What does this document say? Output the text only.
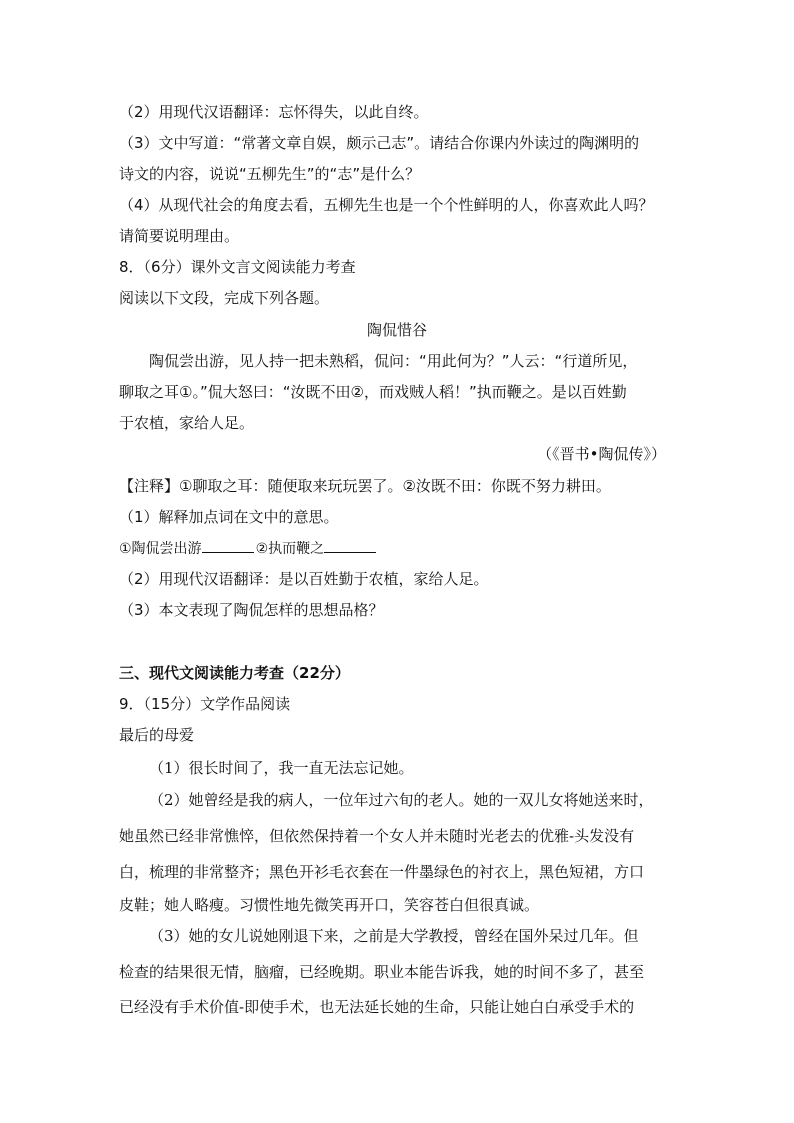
（2）用现代汉语翻译：忘怀得失，以此自终。
（3）文中写道：“常著文章自娱，颇示己志”。请结合你课内外读过的陶渊明的
诗文的内容，说说“五柳先生”的“志”是什么？
（4）从现代社会的角度去看，五柳先生也是一个个性鲜明的人，你喜欢此人吗？
请简要说明理由。
8．（6分）课外文言文阅读能力考查
阅读以下文段，完成下列各题。
陶侃惜谷
陶侃尝出游，见人持一把未熟稻，侃问：“用此何为？”人云：“行道所见，
聊取之耳①。”侃大怒曰：“汝既不田②，而戏贼人稻！”执而鞭之。是以百姓勤
于农植，家给人足。
（《晋书•陶侃传》）
【注释】①聊取之耳：随便取来玩玩罢了。②汝既不田：你既不努力耕田。
（1）解释加点词在文中的意思。
①陶侃尝出游	②执而鞭之
（2）用现代汉语翻译：是以百姓勤于农植，家给人足。
（3）本文表现了陶侃怎样的思想品格？
三、现代文阅读能力考查（22分）
9．（15分）文学作品阅读
最后的母爱
（1）很长时间了，我一直无法忘记她。
（2）她曾经是我的病人，一位年过六旬的老人。她的一双儿女将她送来时，
她虽然已经非常憔悴，但依然保持着一个女人并未随时光老去的优雅-头发没有
白，梳理的非常整齐；黑色开衫毛衣套在一件墨绿色的衬衣上，黑色短裙，方口
皮鞋；她人略瘦。习惯性地先微笑再开口，笑容苍白但很真诚。
（3）她的女儿说她刚退下来，之前是大学教授，曾经在国外呆过几年。但
检查的结果很无情，脑瘤，已经晚期。职业本能告诉我，她的时间不多了，甚至
已经没有手术价值-即使手术，也无法延长她的生命，只能让她白白承受手术的
